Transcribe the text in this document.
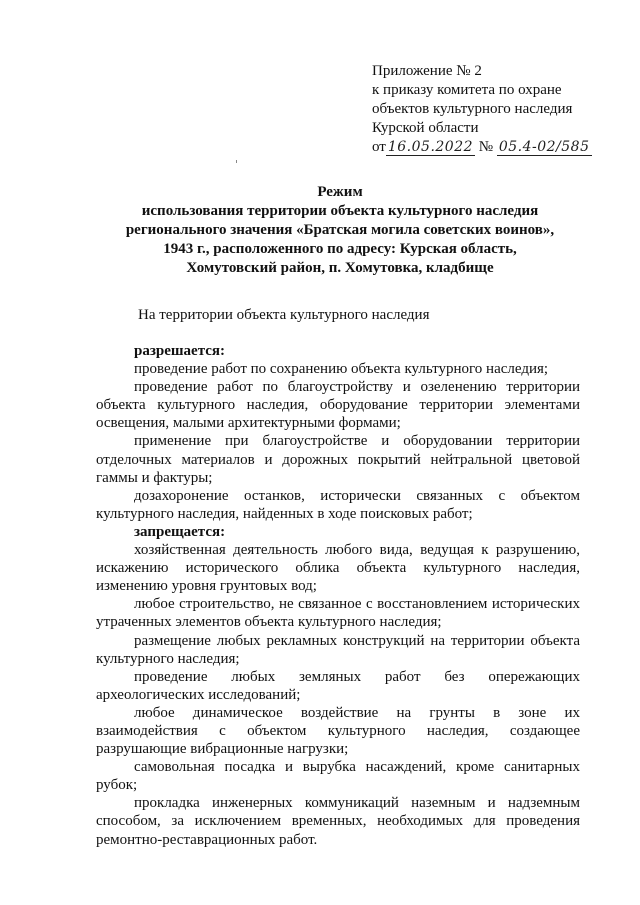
Приложение № 2
к приказу комитета по охране
объектов культурного наследия
Курской области
от 16.05.2022 № 05.4-02/585
Режим
использования территории объекта культурного наследия
регионального значения «Братская могила советских воинов»,
1943 г., расположенного по адресу: Курская область,
Хомутовский район, п. Хомутовка, кладбище
На территории объекта культурного наследия
разрешается:

проведение работ по сохранению объекта культурного наследия;

проведение работ по благоустройству и озеленению территории объекта культурного наследия, оборудование территории элементами освещения, малыми архитектурными формами;

применение при благоустройстве и оборудовании территории отделочных материалов и дорожных покрытий нейтральной цветовой гаммы и фактуры;

дозахоронение останков, исторически связанных с объектом культурного наследия, найденных в ходе поисковых работ;

запрещается:

хозяйственная деятельность любого вида, ведущая к разрушению, искажению исторического облика объекта культурного наследия, изменению уровня грунтовых вод;

любое строительство, не связанное с восстановлением исторических утраченных элементов объекта культурного наследия;

размещение любых рекламных конструкций на территории объекта культурного наследия;

проведение любых земляных работ без опережающих археологических исследований;

любое динамическое воздействие на грунты в зоне их взаимодействия с объектом культурного наследия, создающее разрушающие вибрационные нагрузки;

самовольная посадка и вырубка насаждений, кроме санитарных рубок;

прокладка инженерных коммуникаций наземным и надземным способом, за исключением временных, необходимых для проведения ремонтно-реставрационных работ.
